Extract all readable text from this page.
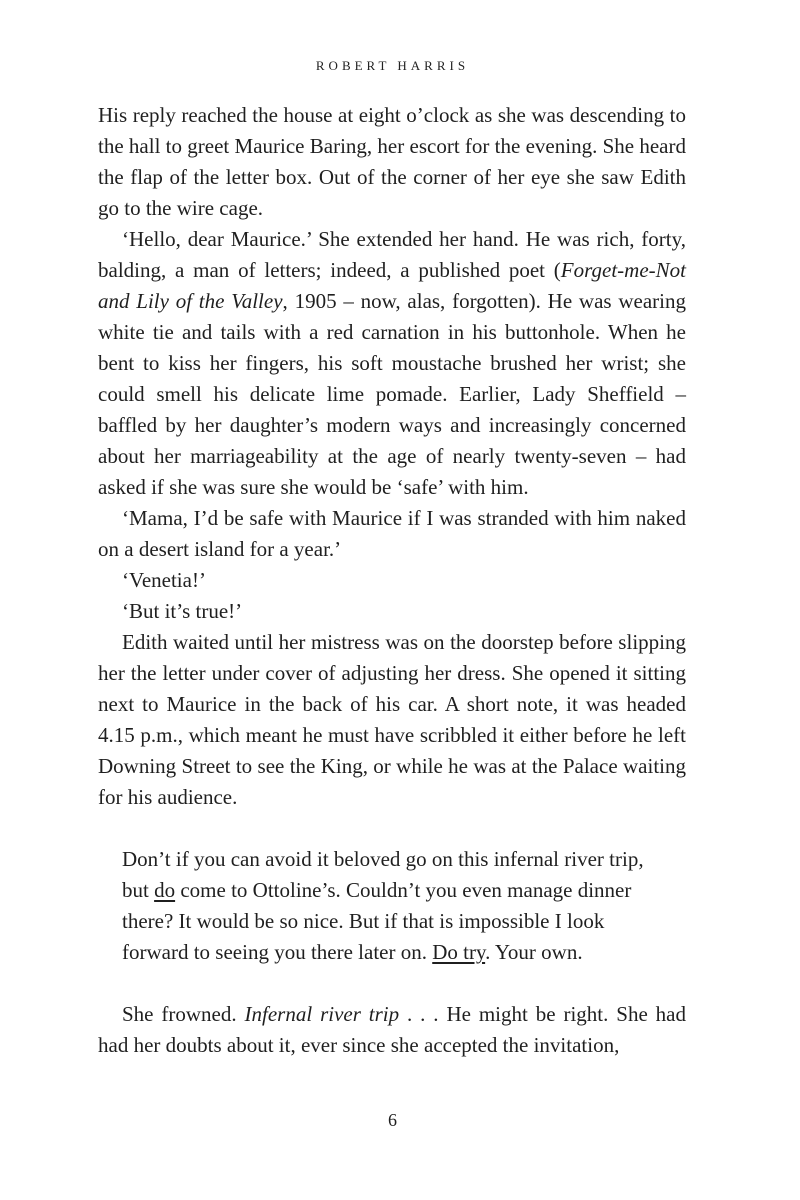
ROBERT HARRIS

His reply reached the house at eight o’clock as she was descending to the hall to greet Maurice Baring, her escort for the evening. She heard the flap of the letter box. Out of the corner of her eye she saw Edith go to the wire cage.

‘Hello, dear Maurice.’ She extended her hand. He was rich, forty, balding, a man of letters; indeed, a published poet (Forget-me-Not and Lily of the Valley, 1905 – now, alas, forgotten). He was wearing white tie and tails with a red carnation in his buttonhole. When he bent to kiss her fingers, his soft moustache brushed her wrist; she could smell his delicate lime pomade. Earlier, Lady Sheffield – baffled by her daughter’s modern ways and increasingly concerned about her marriageability at the age of nearly twenty-seven – had asked if she was sure she would be ‘safe’ with him.

‘Mama, I’d be safe with Maurice if I was stranded with him naked on a desert island for a year.’

‘Venetia!’

‘But it’s true!’

Edith waited until her mistress was on the doorstep before slipping her the letter under cover of adjusting her dress. She opened it sitting next to Maurice in the back of his car. A short note, it was headed 4.15 p.m., which meant he must have scribbled it either before he left Downing Street to see the King, or while he was at the Palace waiting for his audience.

Don’t if you can avoid it beloved go on this infernal river trip, but do come to Ottoline’s. Couldn’t you even manage dinner there? It would be so nice. But if that is impossible I look forward to seeing you there later on. Do try. Your own.

She frowned. Infernal river trip . . . He might be right. She had had her doubts about it, ever since she accepted the invitation,

6
